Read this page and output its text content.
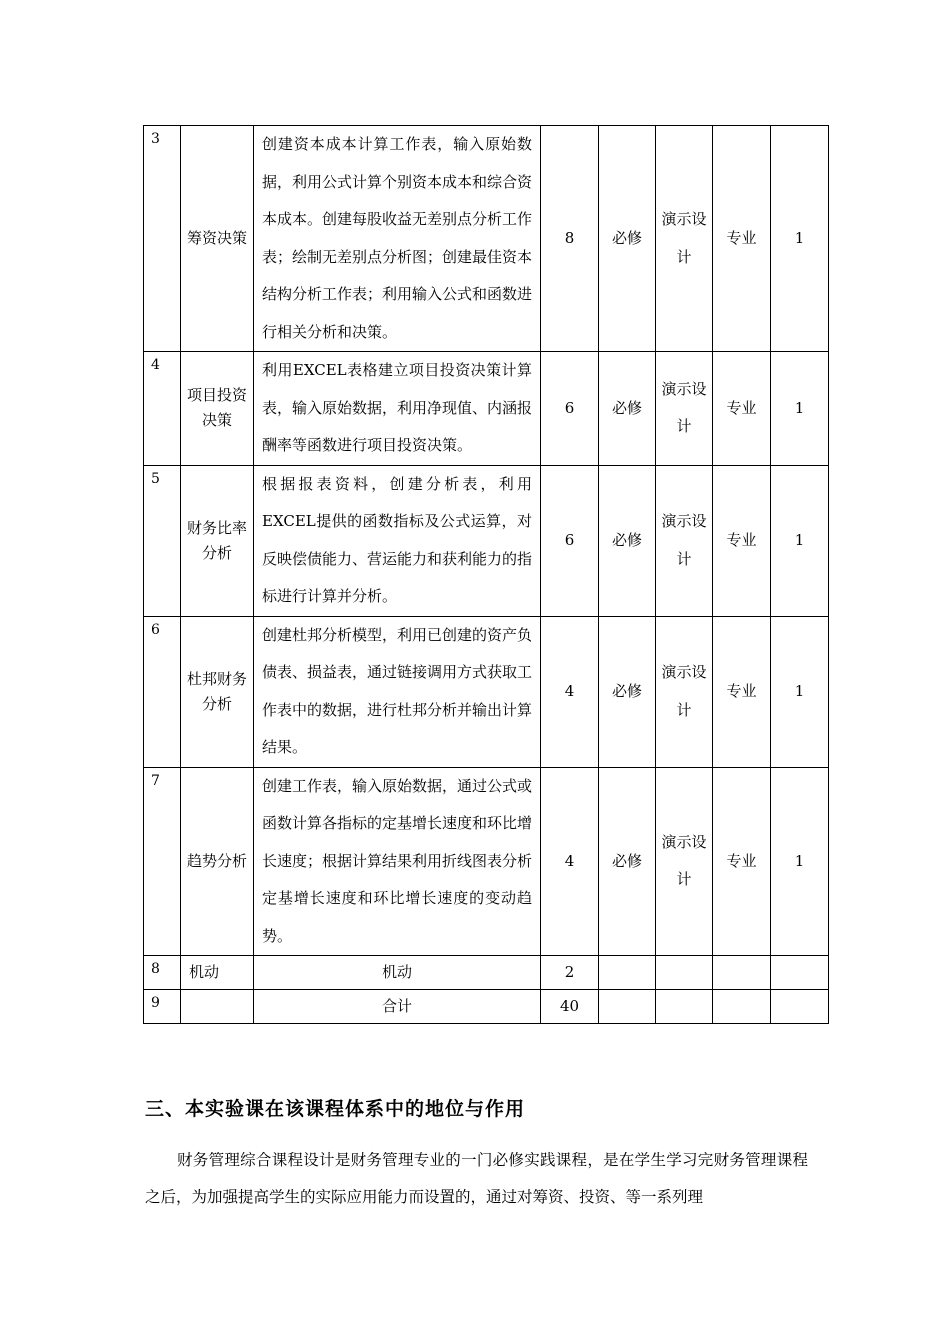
3	筹资决策	创建资本成本计算工作表，输入原始数据，利用公式计算个别资本成本和综合资本成本。创建每股收益无差别点分析工作表；绘制无差别点分析图；创建最佳资本结构分析工作表；利用输入公式和函数进行相关分析和决策。	8	必修	演示设计	专业	1
4	项目投资决策	利用EXCEL表格建立项目投资决策计算表，输入原始数据，利用净现值、内涵报酬率等函数进行项目投资决策。	6	必修	演示设计	专业	1
5	财务比率分析	根据报表资料，创建分析表，利用EXCEL提供的函数指标及公式运算，对反映偿债能力、营运能力和获利能力的指标进行计算并分析。	6	必修	演示设计	专业	1
6	杜邦财务分析	创建杜邦分析模型，利用已创建的资产负债表、损益表，通过链接调用方式获取工作表中的数据，进行杜邦分析并输出计算结果。	4	必修	演示设计	专业	1
7	趋势分析	创建工作表，输入原始数据，通过公式或函数计算各指标的定基增长速度和环比增长速度；根据计算结果利用折线图表分析定基增长速度和环比增长速度的变动趋势。	4	必修	演示设计	专业	1
8	机动	机动	2				
9		合计	40				
三、本实验课在该课程体系中的地位与作用
财务管理综合课程设计是财务管理专业的一门必修实践课程，是在学生学习完财务管理课程之后，为加强提高学生的实际应用能力而设置的，通过对筹资、投资、等一系列理
